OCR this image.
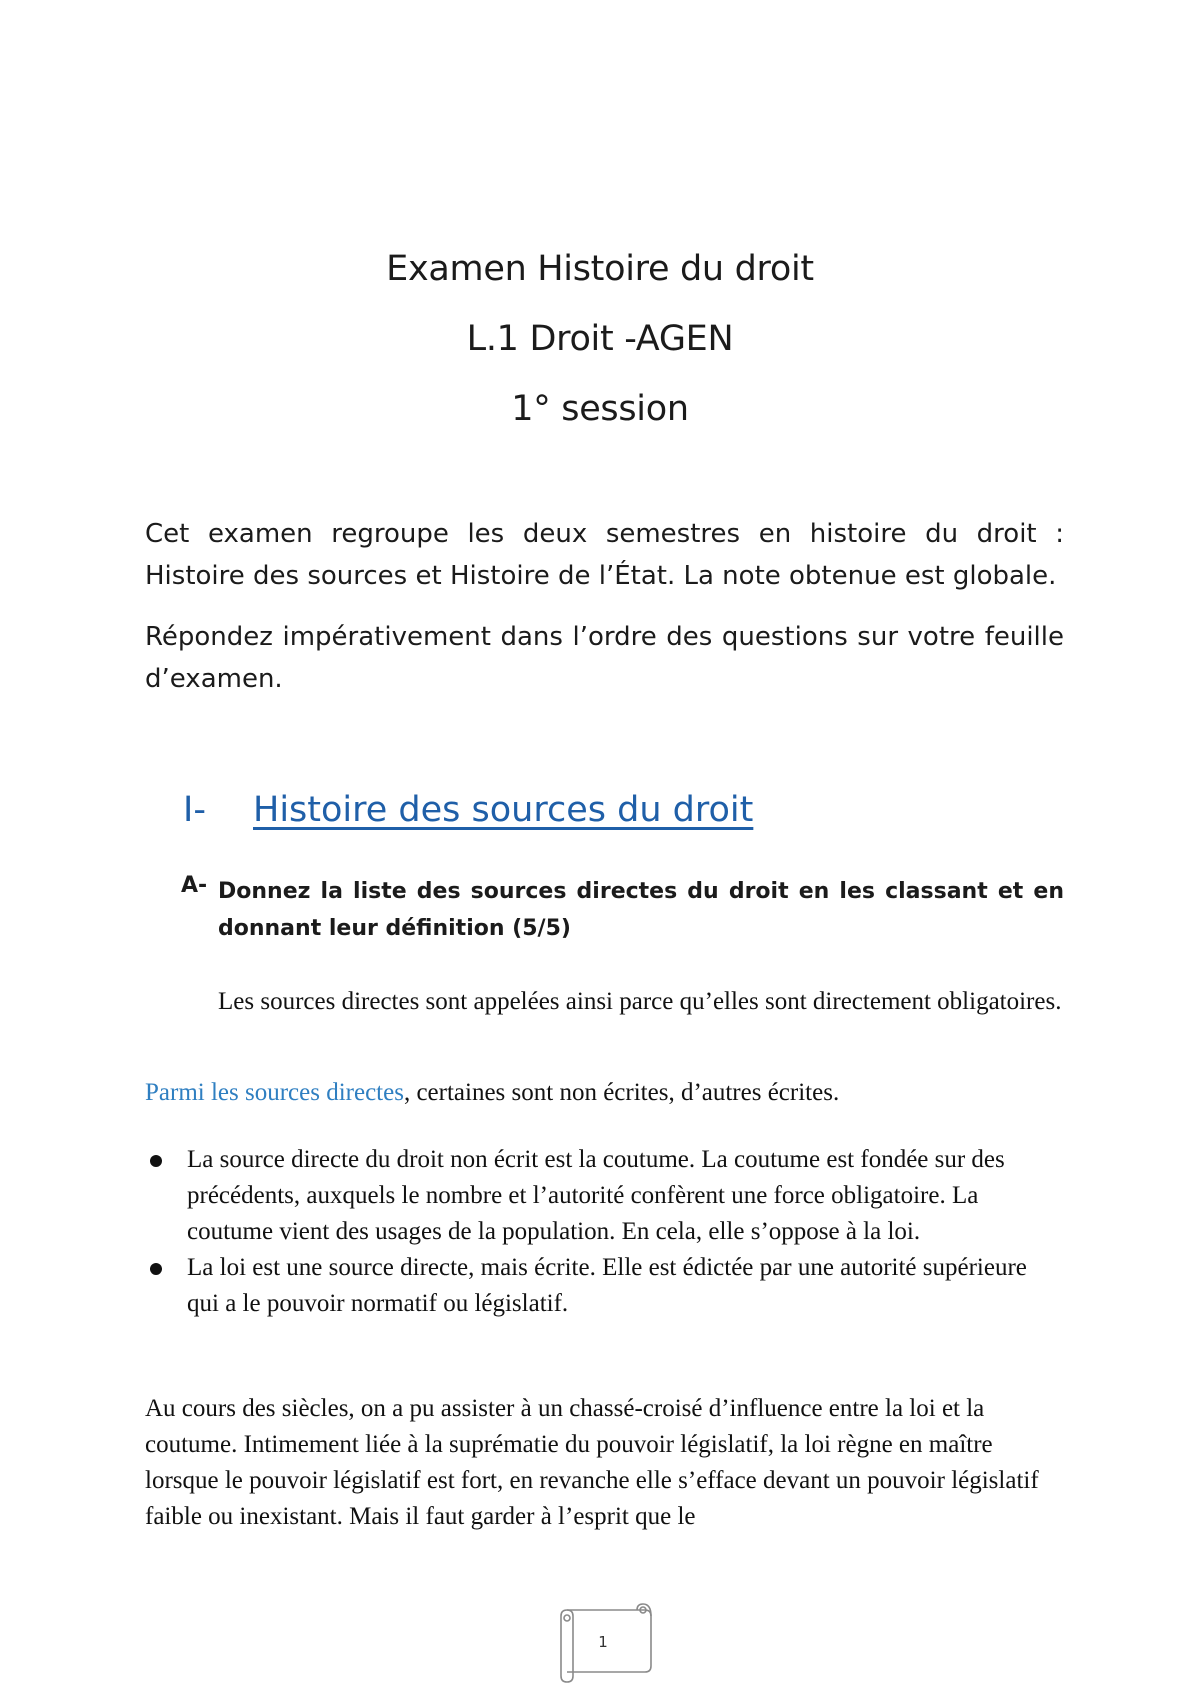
Examen Histoire du droit
L.1 Droit -AGEN
1° session

Cet examen regroupe les deux semestres en histoire du droit : Histoire des sources et Histoire de l’État. La note obtenue est globale.

Répondez impérativement dans l’ordre des questions sur votre feuille d’examen.

I- Histoire des sources du droit
A- Donnez la liste des sources directes du droit en les classant et en donnant leur définition (5/5)
Les sources directes sont appelées ainsi parce qu’elles sont directement obligatoires.
Parmi les sources directes, certaines sont non écrites, d’autres écrites.
La source directe du droit non écrit est la coutume. La coutume est fondée sur des précédents, auxquels le nombre et l’autorité confèrent une force obligatoire. La coutume vient des usages de la population. En cela, elle s’oppose à la loi.
La loi est une source directe, mais écrite. Elle est édictée par une autorité supérieure qui a le pouvoir normatif ou législatif.
Au cours des siècles, on a pu assister à un chassé-croisé d’influence entre la loi et la coutume. Intimement liée à la suprématie du pouvoir législatif, la loi règne en maître lorsque le pouvoir législatif est fort, en revanche elle s’efface devant un pouvoir législatif faible ou inexistant. Mais il faut garder à l’esprit que le
1
